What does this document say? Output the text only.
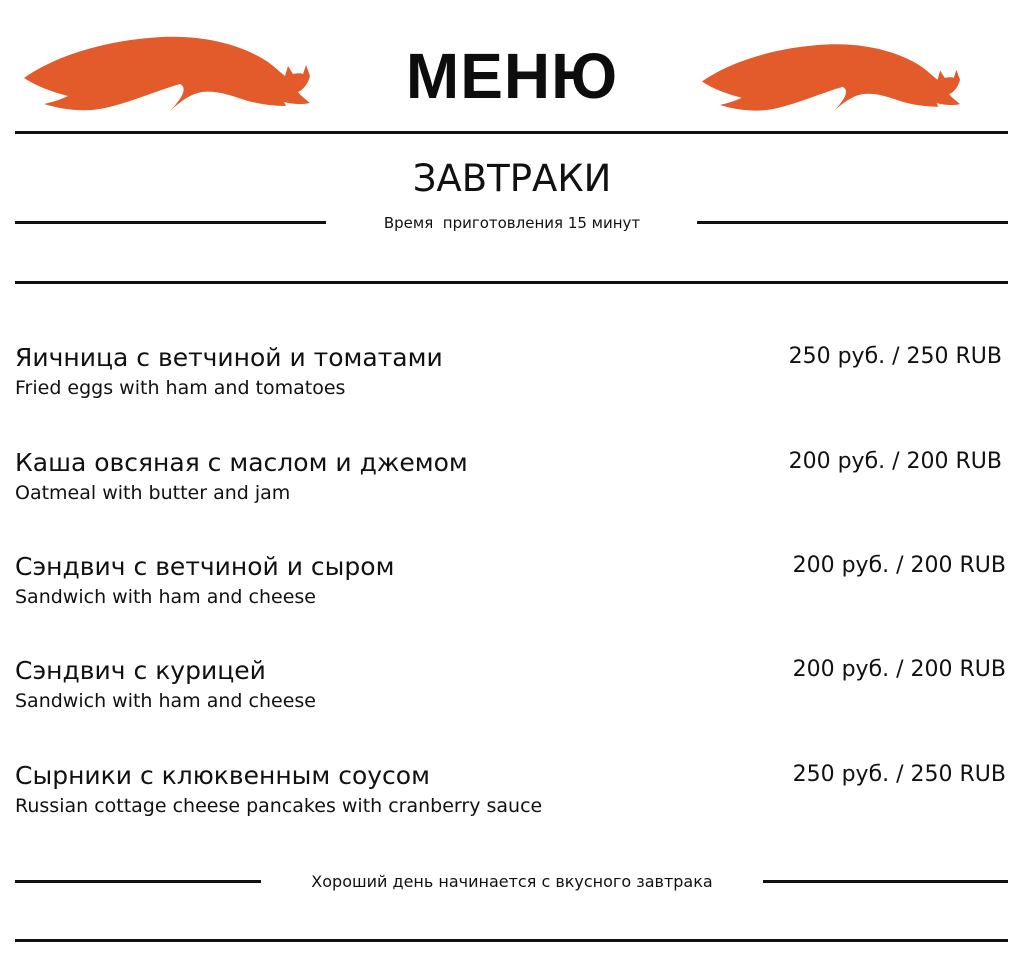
МЕНЮ
ЗАВТРАКИ
Время  приготовления 15 минут
Яичница с ветчиной и томатами
Fried eggs with ham and tomatoes
250 руб. / 250 RUB
Каша овсяная с маслом и джемом
Oatmeal with butter and jam
200 руб. / 200 RUB
Сэндвич с ветчиной и сыром
Sandwich with ham and cheese
200 руб. / 200 RUB
Сэндвич с курицей
Sandwich with ham and cheese
200 руб. / 200 RUB
Сырники с клюквенным соусом
Russian cottage cheese pancakes with cranberry sauce
250 руб. / 250 RUB
Хороший день начинается с вкусного завтрака
